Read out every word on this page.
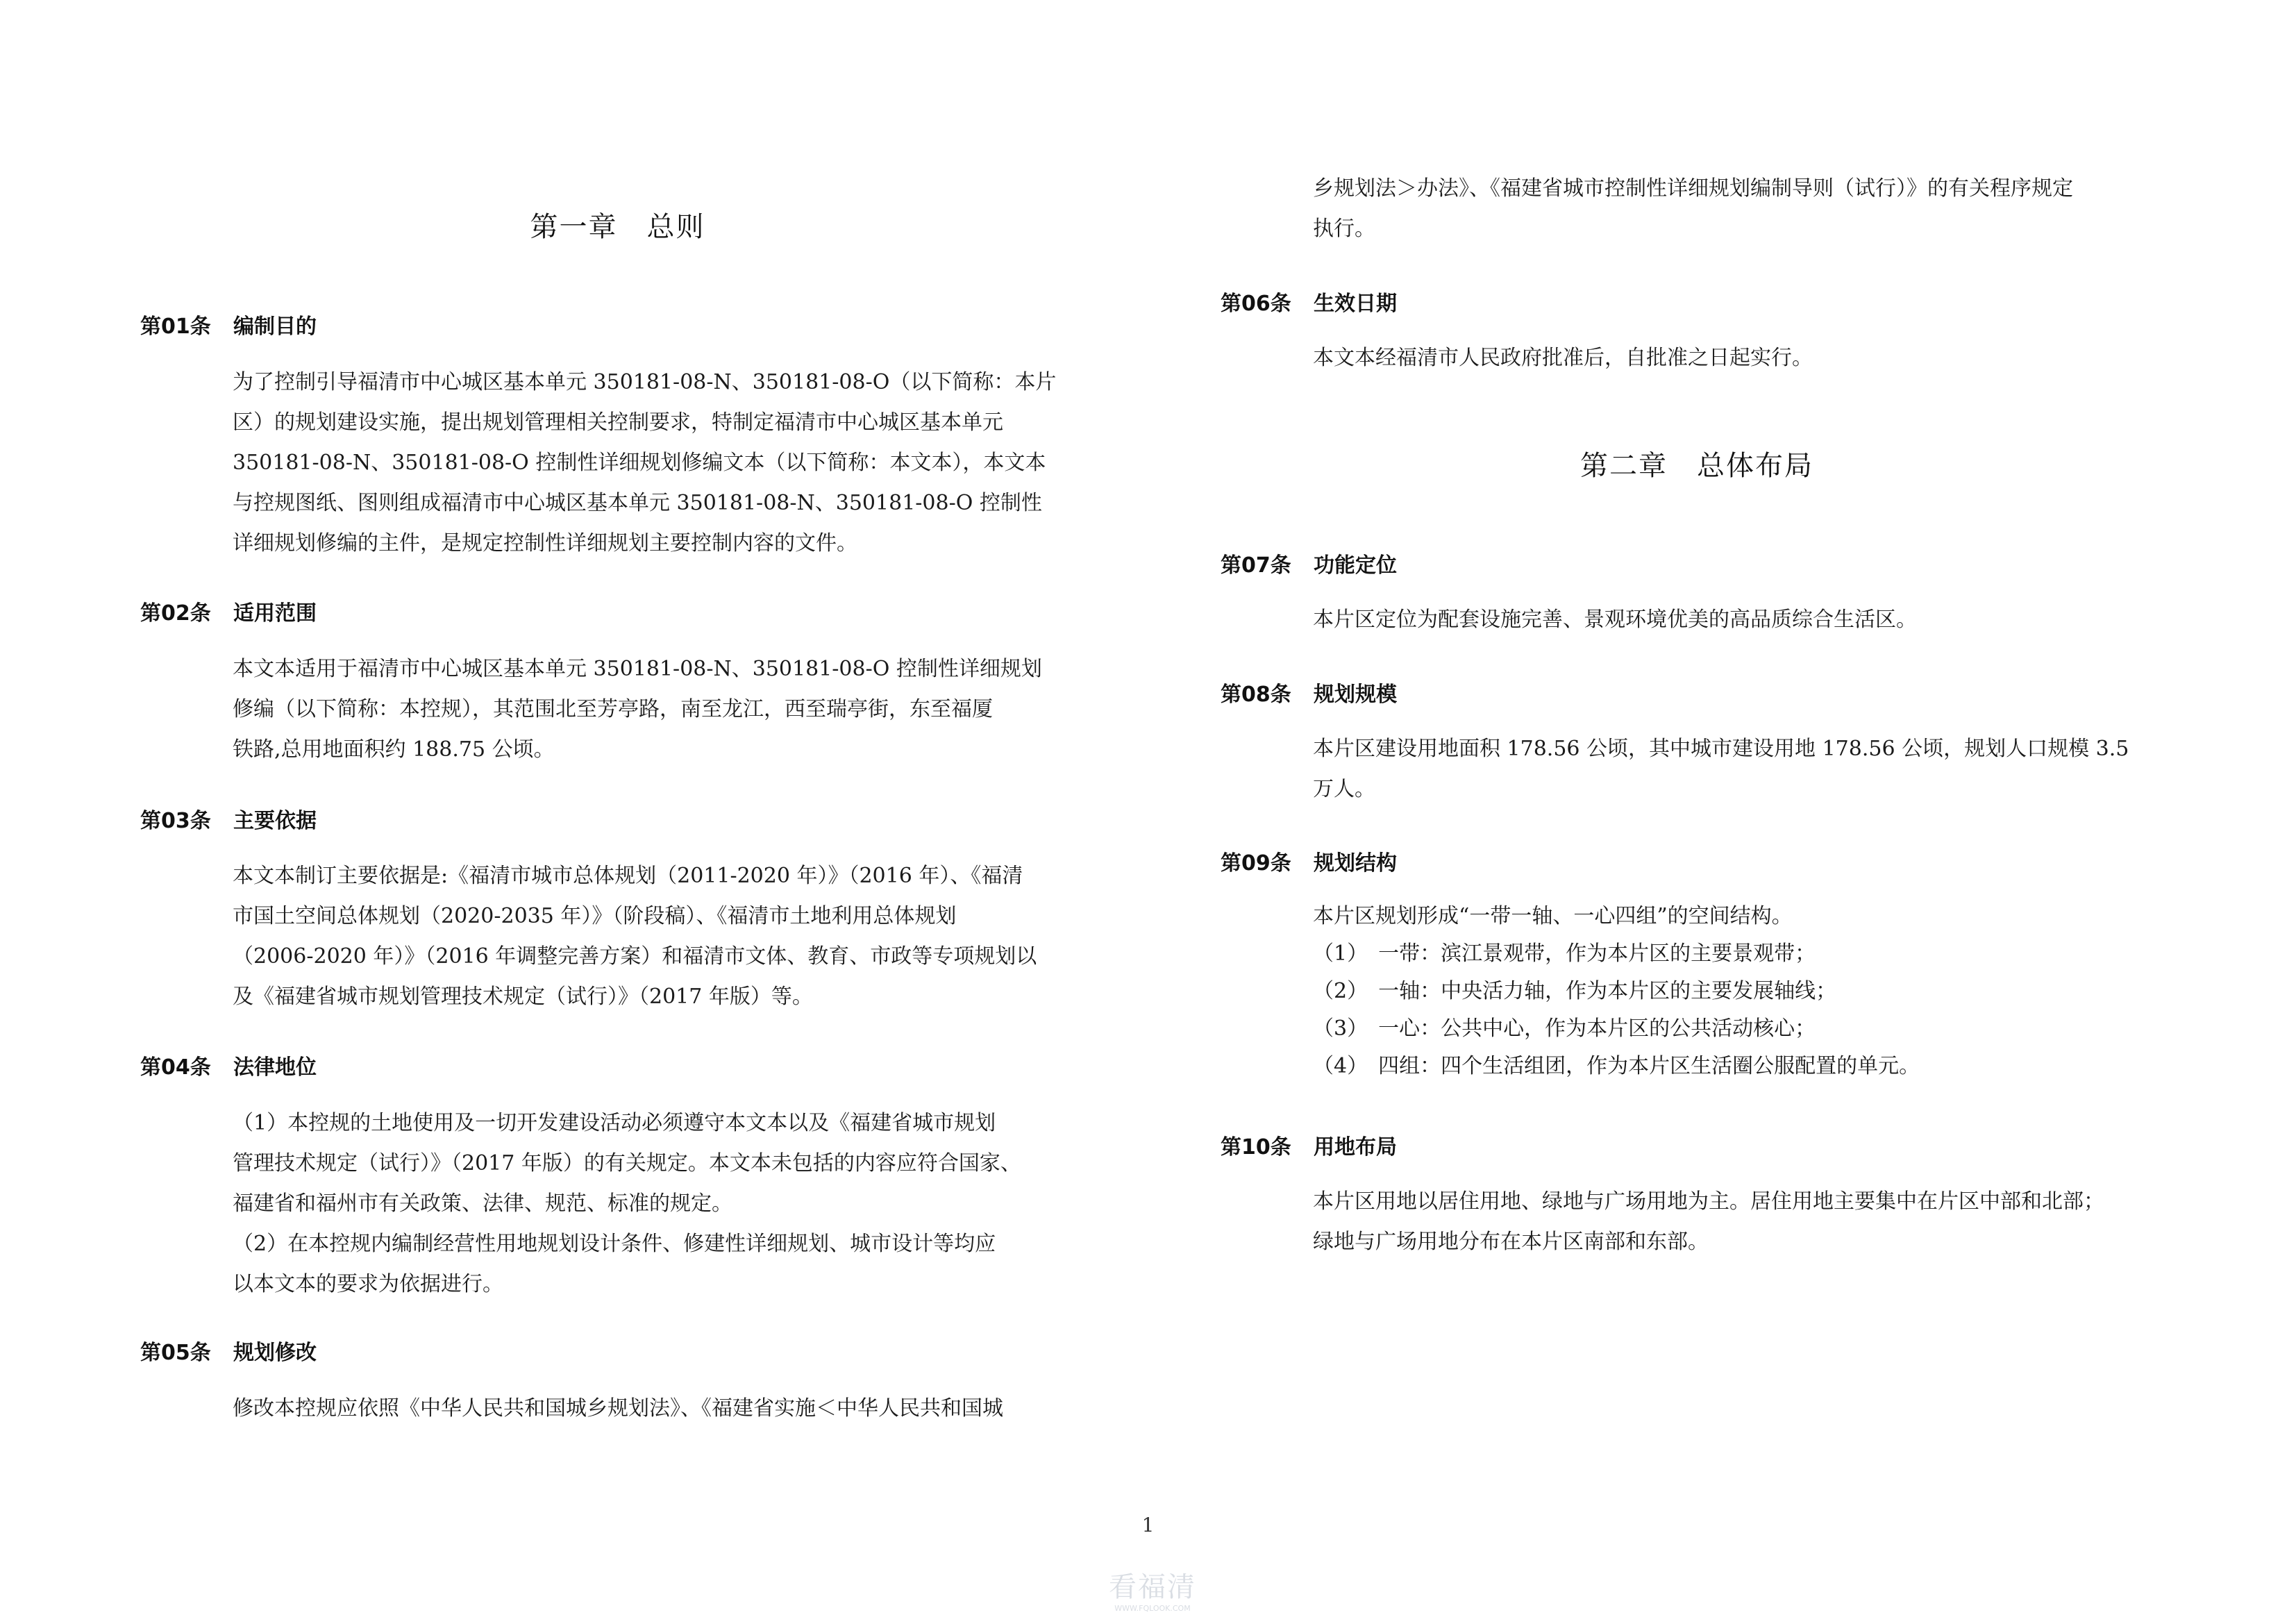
第一章　总则
第01条 编制目的
为了控制引导福清市中心城区基本单元 350181-08-N、350181-08-O（以下简称：本片
区）的规划建设实施，提出规划管理相关控制要求，特制定福清市中心城区基本单元
350181-08-N、350181-08-O 控制性详细规划修编文本（以下简称：本文本），本文本
与控规图纸、图则组成福清市中心城区基本单元 350181-08-N、350181-08-O 控制性
详细规划修编的主件，是规定控制性详细规划主要控制内容的文件。
第02条 适用范围
本文本适用于福清市中心城区基本单元 350181-08-N、350181-08-O 控制性详细规划
修编（以下简称：本控规），其范围北至芳亭路，南至龙江，西至瑞亭街，东至福厦
铁路,总用地面积约 188.75 公顷。
第03条 主要依据
本文本制订主要依据是:《福清市城市总体规划（2011-2020 年）》（2016 年）、《福清
市国土空间总体规划（2020-2035 年）》（阶段稿）、《福清市土地利用总体规划
（2006-2020 年）》（2016 年调整完善方案）和福清市文体、教育、市政等专项规划以
及《福建省城市规划管理技术规定（试行）》（2017 年版）等。
第04条 法律地位
（1）本控规的土地使用及一切开发建设活动必须遵守本文本以及《福建省城市规划
管理技术规定（试行）》（2017 年版）的有关规定。本文本未包括的内容应符合国家、
福建省和福州市有关政策、法律、规范、标准的规定。
（2）在本控规内编制经营性用地规划设计条件、修建性详细规划、城市设计等均应
以本文本的要求为依据进行。
第05条 规划修改
修改本控规应依照《中华人民共和国城乡规划法》、《福建省实施＜中华人民共和国城
乡规划法＞办法》、《福建省城市控制性详细规划编制导则（试行）》的有关程序规定
执行。
第06条 生效日期
本文本经福清市人民政府批准后，自批准之日起实行。
第二章　总体布局
第07条 功能定位
本片区定位为配套设施完善、景观环境优美的高品质综合生活区。
第08条 规划规模
本片区建设用地面积 178.56 公顷，其中城市建设用地 178.56 公顷，规划人口规模 3.5
万人。
第09条 规划结构
本片区规划形成“一带一轴、一心四组”的空间结构。
（1）　一带：滨江景观带，作为本片区的主要景观带；
（2）　一轴：中央活力轴，作为本片区的主要发展轴线；
（3）　一心：公共中心，作为本片区的公共活动核心；
（4）　四组：四个生活组团，作为本片区生活圈公服配置的单元。
第10条 用地布局
本片区用地以居住用地、绿地与广场用地为主。居住用地主要集中在片区中部和北部；
绿地与广场用地分布在本片区南部和东部。
1
看福清
WWW.FQLOOK.COM
